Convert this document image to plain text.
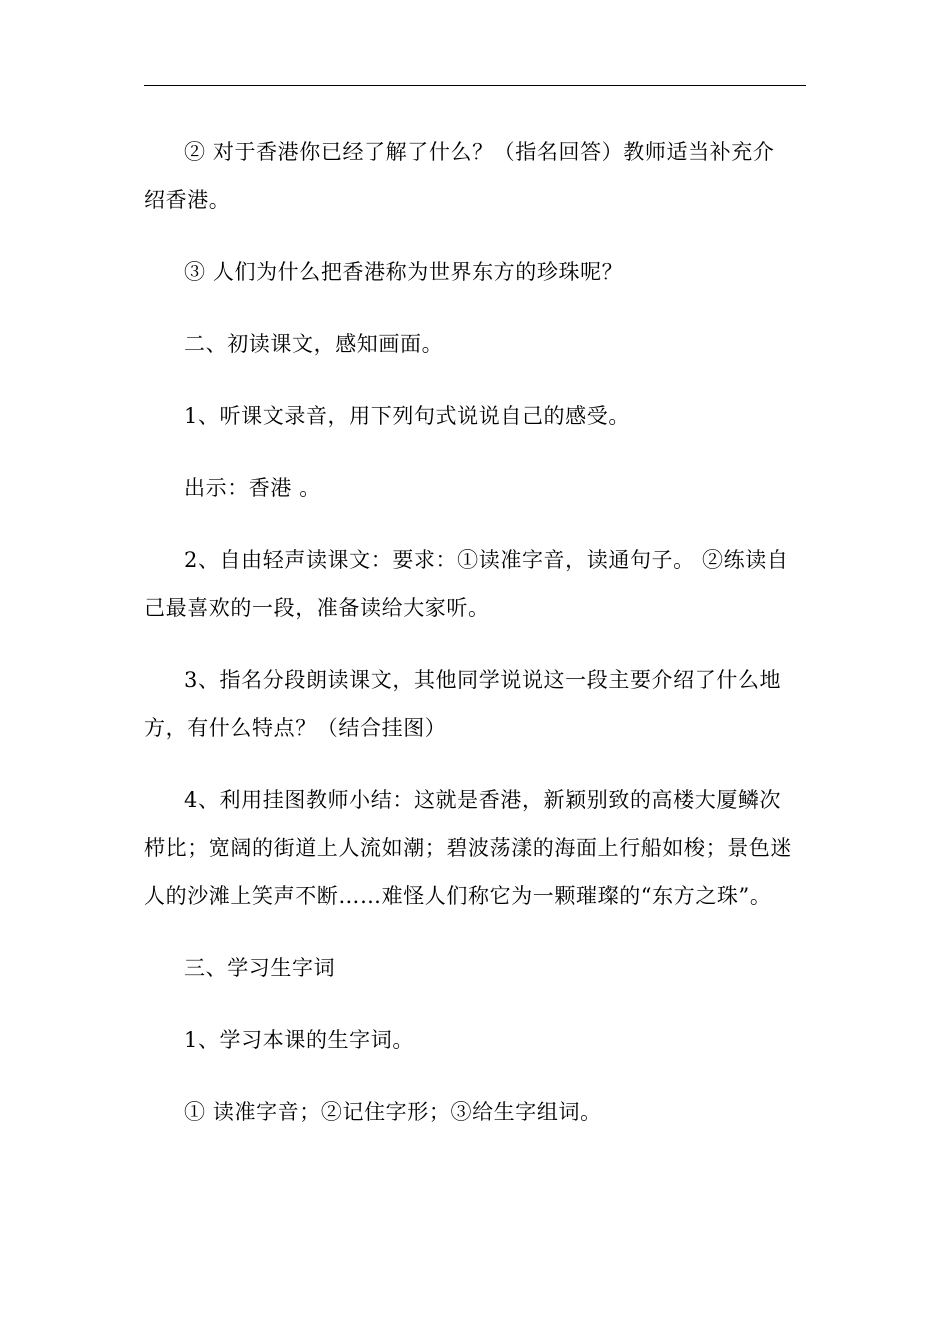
② 对于香港你已经了解了什么？（指名回答）教师适当补充介绍香港。

③ 人们为什么把香港称为世界东方的珍珠呢？

二、初读课文，感知画面。

1、听课文录音，用下列句式说说自己的感受。

出示：香港 。

2、自由轻声读课文：要求：①读准字音，读通句子。 ②练读自己最喜欢的一段，准备读给大家听。

3、指名分段朗读课文，其他同学说说这一段主要介绍了什么地方，有什么特点？（结合挂图）

4、利用挂图教师小结：这就是香港，新颖别致的高楼大厦鳞次栉比；宽阔的街道上人流如潮；碧波荡漾的海面上行船如梭；景色迷人的沙滩上笑声不断……难怪人们称它为一颗璀璨的“东方之珠”。

三、学习生字词

1、学习本课的生字词。

① 读准字音；②记住字形；③给生字组词。
